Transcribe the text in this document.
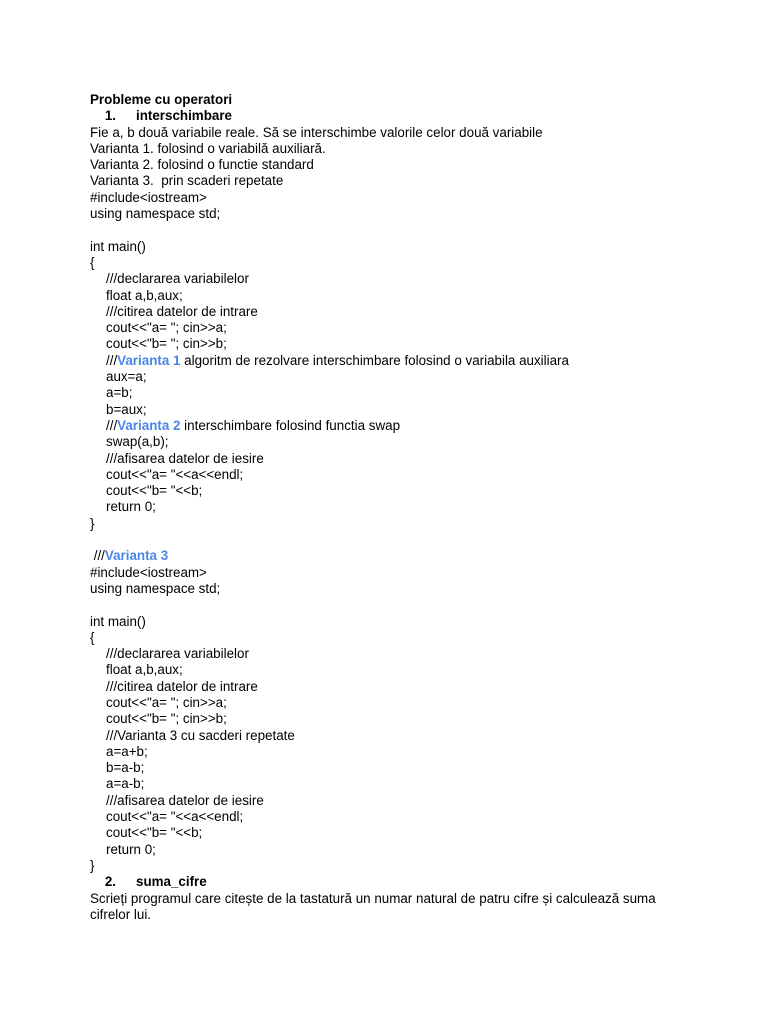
Probleme cu operatori
1. interschimbare
Fie a, b două variabile reale. Să se interschimbe valorile celor două variabile
Varianta 1. folosind o variabilă auxiliară.
Varianta 2. folosind o functie standard
Varianta 3.  prin scaderi repetate
#include<iostream>
using namespace std;
int main()
{
///declararea variabilelor
float a,b,aux;
///citirea datelor de intrare
cout<<"a= "; cin>>a;
cout<<"b= "; cin>>b;
///Varianta 1 algoritm de rezolvare interschimbare folosind o variabila auxiliara
aux=a;
a=b;
b=aux;
///Varianta 2 interschimbare folosind functia swap
swap(a,b);
///afisarea datelor de iesire
cout<<"a= "<<a<<endl;
cout<<"b= "<<b;
return 0;
}
///Varianta 3
#include<iostream>
using namespace std;
int main()
{
///declararea variabilelor
float a,b,aux;
///citirea datelor de intrare
cout<<"a= "; cin>>a;
cout<<"b= "; cin>>b;
///Varianta 3 cu sacderi repetate
a=a+b;
b=a-b;
a=a-b;
///afisarea datelor de iesire
cout<<"a= "<<a<<endl;
cout<<"b= "<<b;
return 0;
}
2. suma_cifre
Scrieți programul care citește de la tastatură un numar natural de patru cifre și calculează suma cifrelor lui.
